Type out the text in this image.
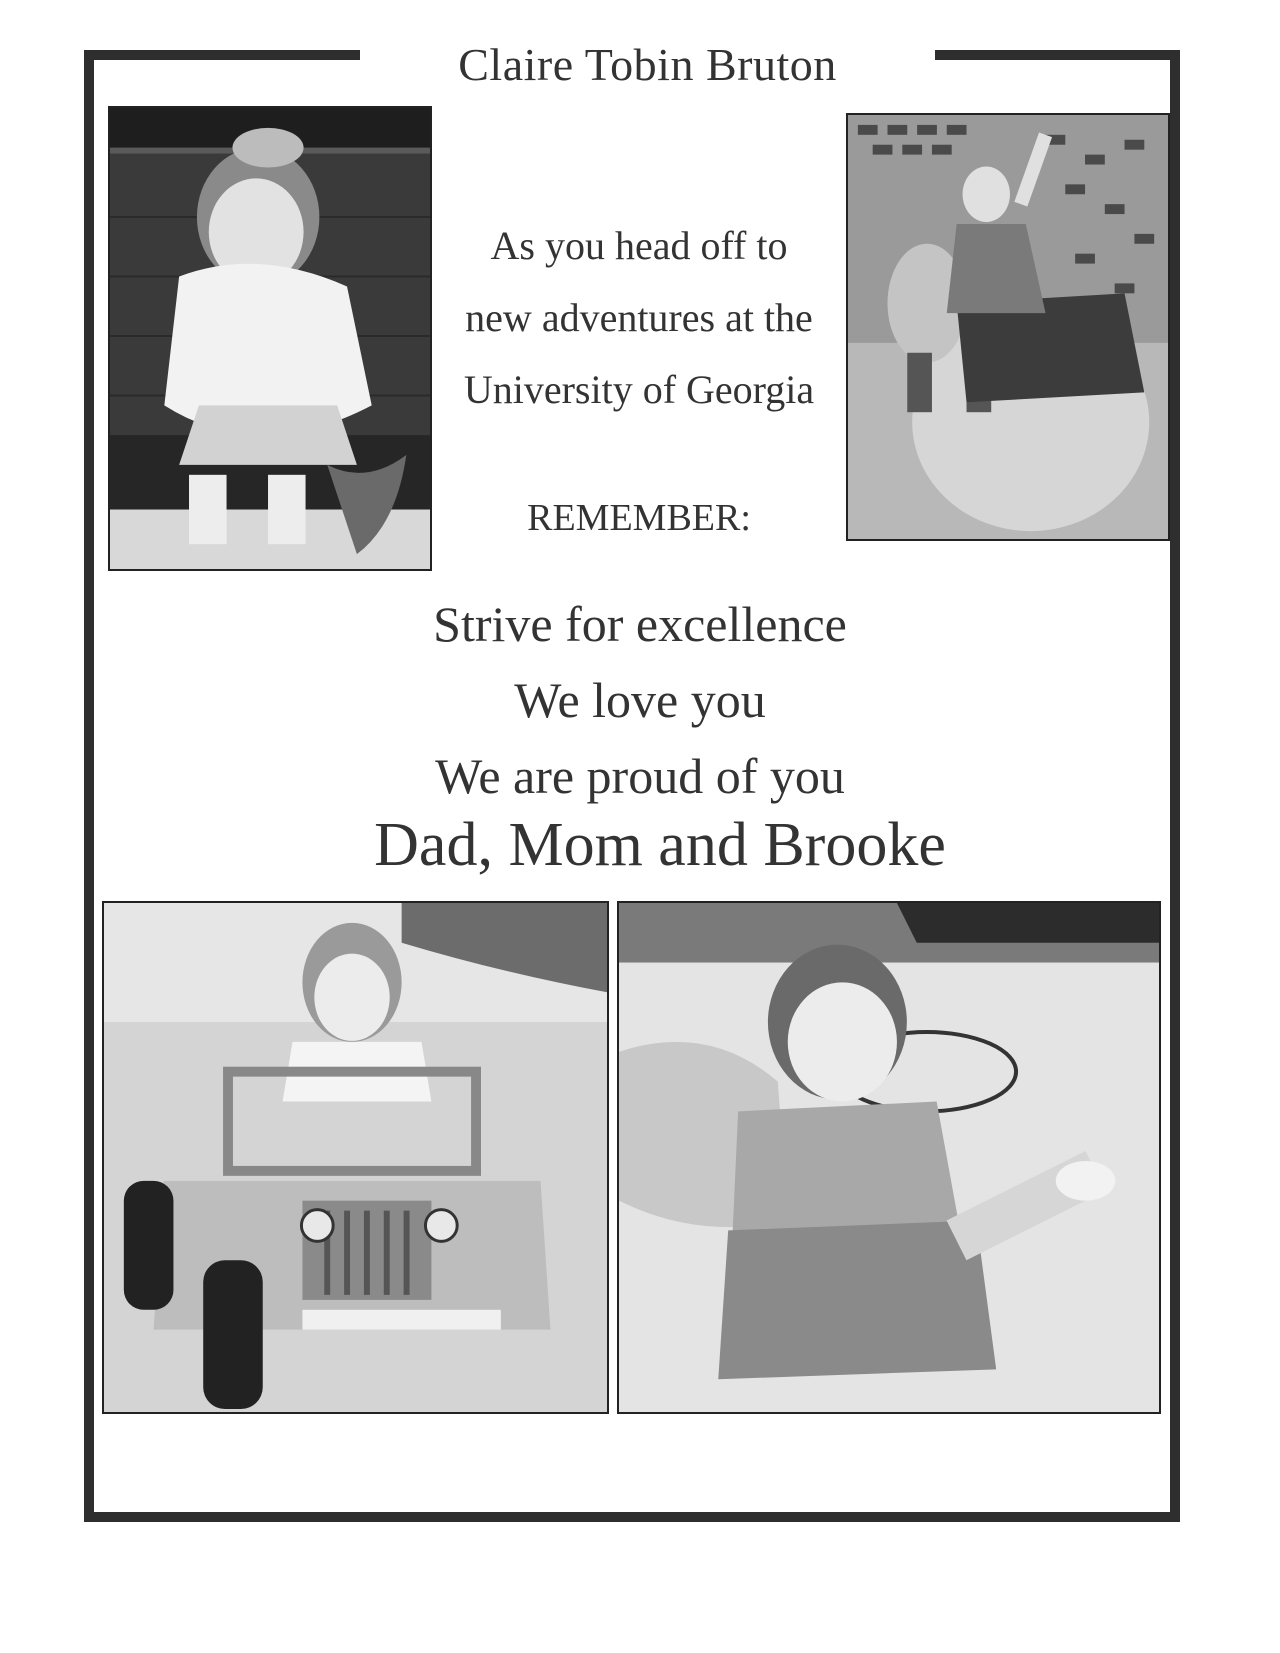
Claire Tobin Bruton
As you head off to
new adventures at the
University of Georgia
REMEMBER:
Strive for excellence
We love you
We are proud of you
Dad, Mom and Brooke
